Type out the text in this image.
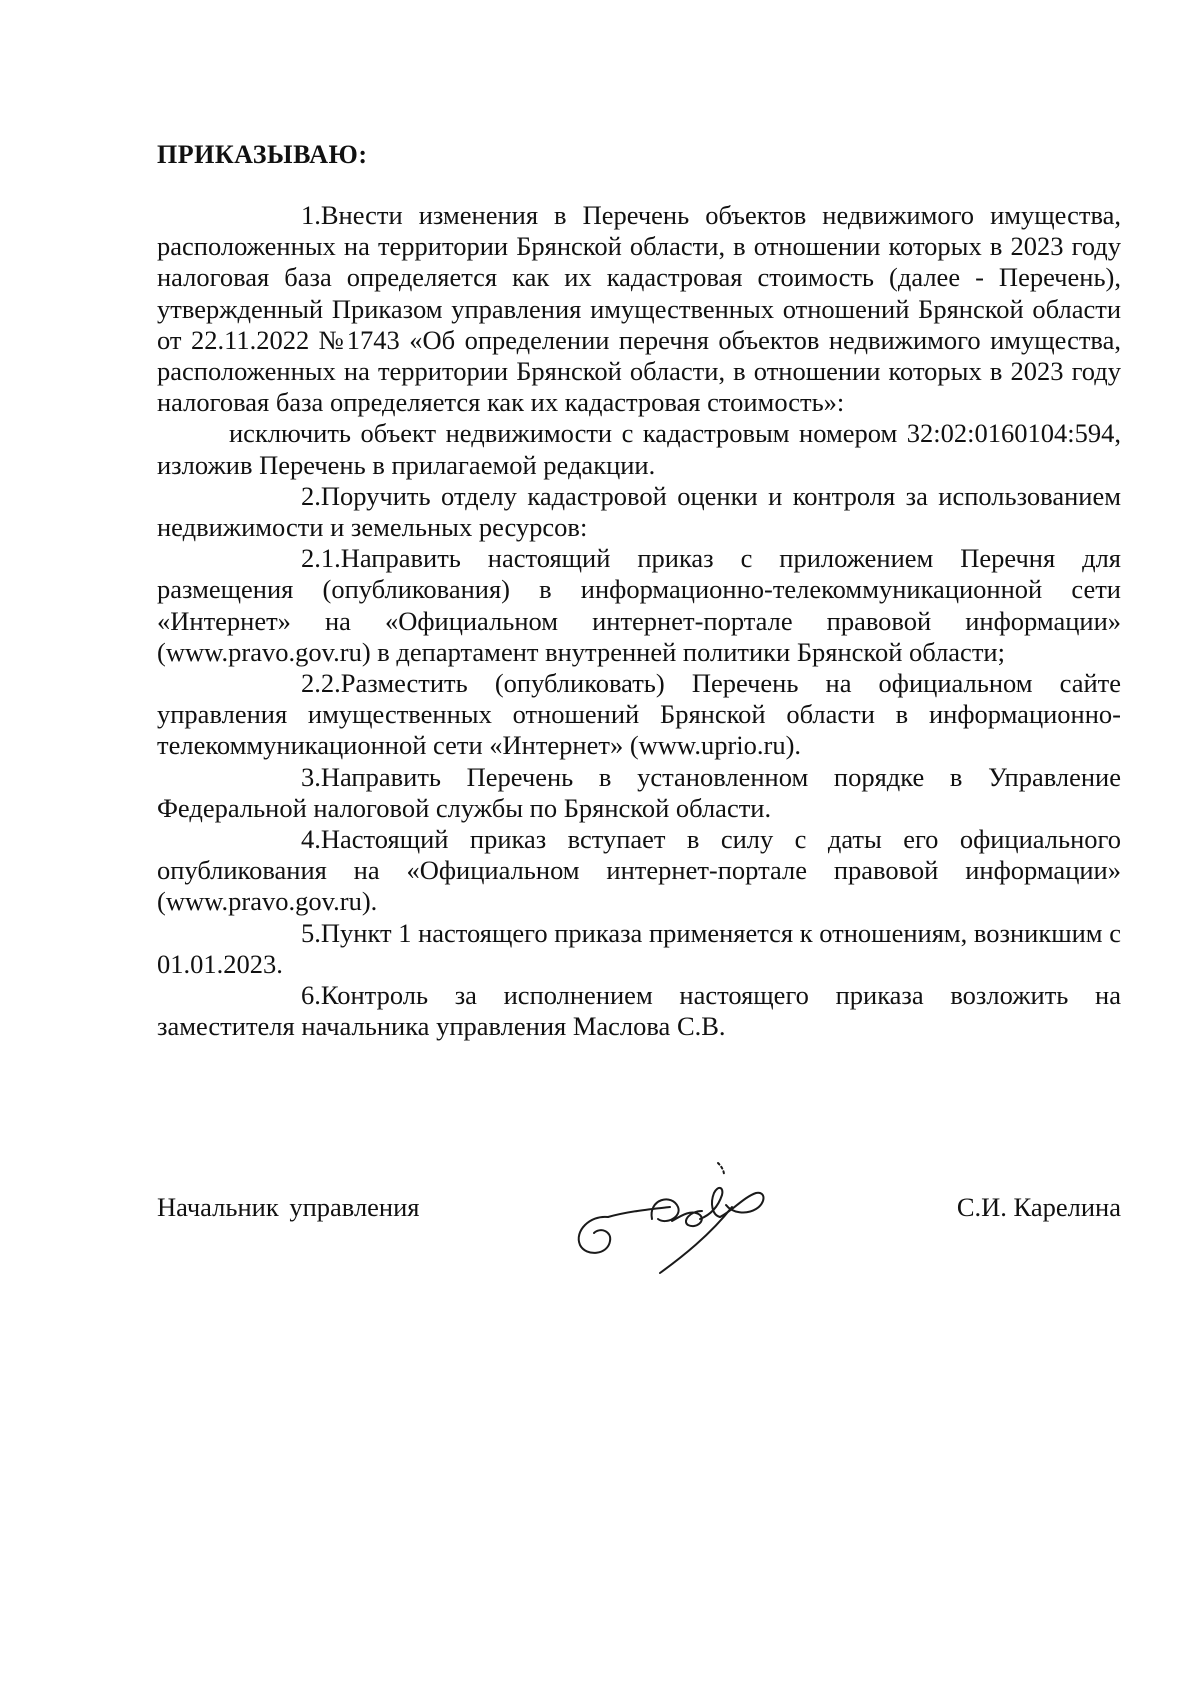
ПРИКАЗЫВАЮ:

1.Внести изменения в Перечень объектов недвижимого имущества, расположенных на территории Брянской области, в отношении которых в 2023 году налоговая база определяется как их кадастровая стоимость (далее - Перечень), утвержденный Приказом управления имущественных отношений Брянской области от 22.11.2022 №1743 «Об определении перечня объектов недвижимого имущества, расположенных на территории Брянской области, в отношении которых в 2023 году налоговая база определяется как их кадастровая стоимость»:

исключить объект недвижимости с кадастровым номером 32:02:0160104:594, изложив Перечень в прилагаемой редакции.

2.Поручить отделу кадастровой оценки и контроля за использованием недвижимости и земельных ресурсов:

2.1.Направить настоящий приказ с приложением Перечня для размещения (опубликования) в информационно-телекоммуникационной сети «Интернет» на «Официальном интернет-портале правовой информации» (www.pravo.gov.ru) в департамент внутренней политики Брянской области;

2.2.Разместить (опубликовать) Перечень на официальном сайте управления имущественных отношений Брянской области в информационно-телекоммуникационной сети «Интернет» (www.uprio.ru).

3.Направить Перечень в установленном порядке в Управление Федеральной налоговой службы по Брянской области.

4.Настоящий приказ вступает в силу с даты его официального опубликования на «Официальном интернет-портале правовой информации» (www.pravo.gov.ru).

5.Пункт 1 настоящего приказа применяется к отношениям, возникшим с 01.01.2023.

6.Контроль за исполнением настоящего приказа возложить на заместителя начальника управления Маслова С.В.

Начальник управления	С.И. Карелина
